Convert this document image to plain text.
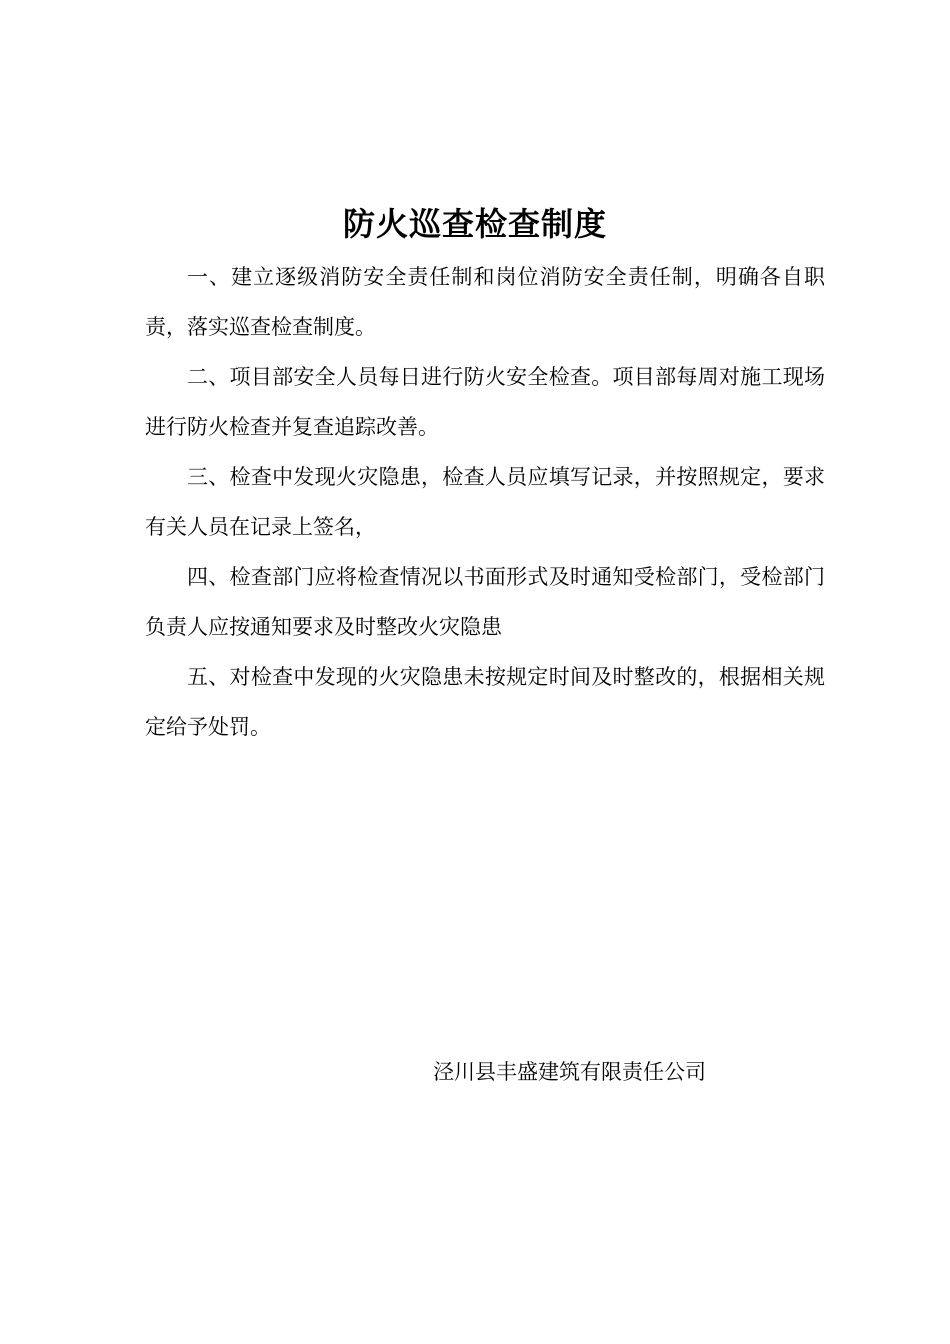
防火巡查检查制度

一、建立逐级消防安全责任制和岗位消防安全责任制，明确各自职责，落实巡查检查制度。

二、项目部安全人员每日进行防火安全检查。项目部每周对施工现场进行防火检查并复查追踪改善。

三、检查中发现火灾隐患，检查人员应填写记录，并按照规定，要求有关人员在记录上签名，

四、检查部门应将检查情况以书面形式及时通知受检部门，受检部门负责人应按通知要求及时整改火灾隐患

五、对检查中发现的火灾隐患未按规定时间及时整改的，根据相关规定给予处罚。

泾川县丰盛建筑有限责任公司
